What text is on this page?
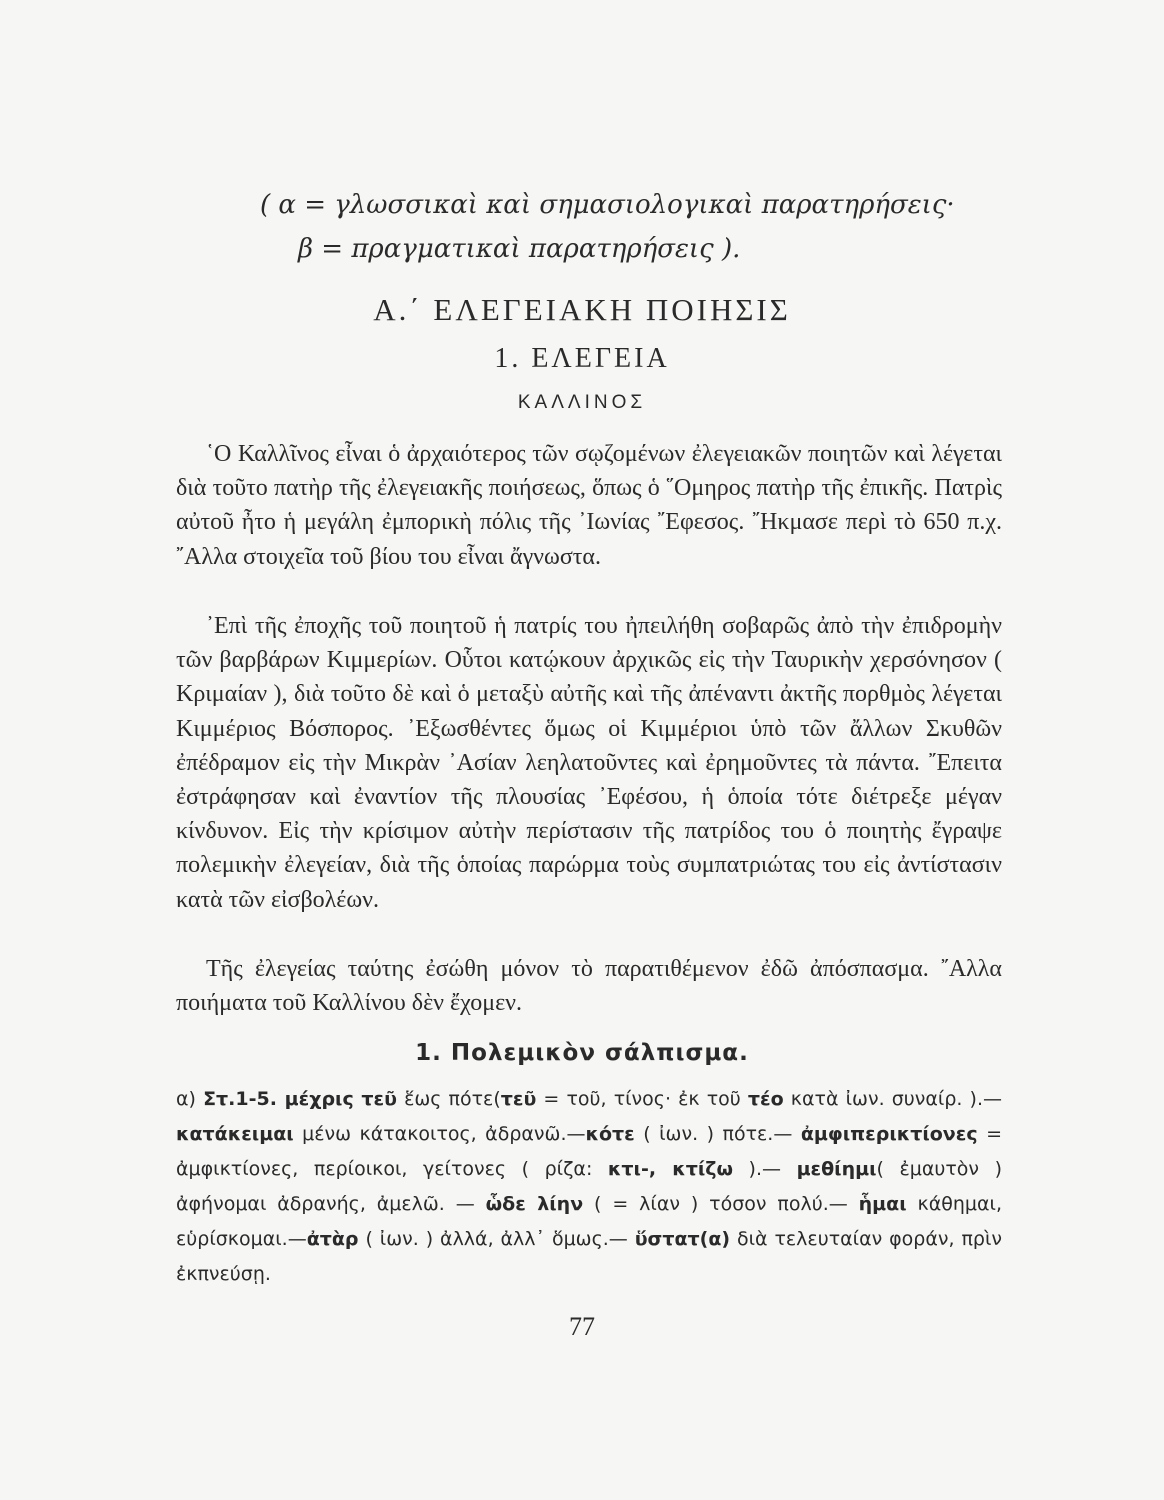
( α = γλωσσικαὶ καὶ σημασιολογικαὶ παρατηρήσεις·
β = πραγματικαὶ παρατηρήσεις ).
Α.΄ ΕΛΕΓΕΙΑΚΗ ΠΟΙΗΣΙΣ
1. ΕΛΕΓΕΙΑ
ΚΑΛΛΙΝΟΣ

῾Ο Καλλῖνος εἶναι ὁ ἀρχαιότερος τῶν σῳζομένων ἐλεγειακῶν ποιητῶν καὶ λέγεται διὰ τοῦτο πατὴρ τῆς ἐλεγειακῆς ποιήσεως, ὅπως ὁ ῞Ομηρος πατὴρ τῆς ἐπικῆς. Πατρὶς αὐτοῦ ἦτο ἡ μεγάλη ἐμπορικὴ πόλις τῆς ᾿Ιωνίας ῎Εφεσος. ῎Ηκμασε περὶ τὸ 650 π.χ. ῎Αλλα στοιχεῖα τοῦ βίου του εἶναι ἄγνωστα.

᾿Επὶ τῆς ἐποχῆς τοῦ ποιητοῦ ἡ πατρίς του ἠπειλήθη σοβαρῶς ἀπὸ τὴν ἐπιδρομὴν τῶν βαρβάρων Κιμμερίων. Οὗτοι κατῴκουν ἀρχικῶς εἰς τὴν Ταυρικὴν χερσόνησον ( Κριμαίαν ), διὰ τοῦτο δὲ καὶ ὁ μεταξὺ αὐτῆς καὶ τῆς ἀπέναντι ἀκτῆς πορθμὸς λέγεται Κιμμέριος Βόσπορος. ᾿Εξωσθέντες ὅμως οἱ Κιμμέριοι ὑπὸ τῶν ἄλλων Σκυθῶν ἐπέδραμον εἰς τὴν Μικρὰν ᾿Ασίαν λεηλατοῦντες καὶ ἐρημοῦντες τὰ πάντα. ῎Επειτα ἐστράφησαν καὶ ἐναντίον τῆς πλουσίας ᾿Εφέσου, ἡ ὁποία τότε διέτρεξε μέγαν κίνδυνον. Εἰς τὴν κρίσιμον αὐτὴν περίστασιν τῆς πατρίδος του ὁ ποιητὴς ἔγραψε πολεμικὴν ἐλεγείαν, διὰ τῆς ὁποίας παρώρμα τοὺς συμπατριώτας του εἰς ἀντίστασιν κατὰ τῶν εἰσβολέων.

Τῆς ἐλεγείας ταύτης ἐσώθη μόνον τὸ παρατιθέμενον ἐδῶ ἀπόσπασμα. ῎Αλλα ποιήματα τοῦ Καλλίνου δὲν ἔχομεν.

1. Πολεμικὸν σάλπισμα.
α) Στ.1-5. μέχρις τεῦ ἕως πότε(τεῦ = τοῦ, τίνος· ἐκ τοῦ τέο κατὰ ἰων. συναίρ. ).—κατάκειμαι μένω κάτακοιτος, ἀδρανῶ.—κότε ( ἰων. ) πότε.— ἀμφιπερικτίονες = ἀμφικτίονες, περίοικοι, γείτονες ( ρίζα: κτι-, κτίζω ).— μεθίημι( ἐμαυτὸν ) ἀφήνομαι ἀδρανής, ἀμελῶ. — ὧδε λίην ( = λίαν ) τόσον πολύ.— ἧμαι κάθημαι, εὑρίσκομαι.—ἀτὰρ ( ἰων. ) ἀλλά, ἀλλ᾿ ὅμως.— ὕστατ(α) διὰ τελευταίαν φοράν, πρὶν ἐκπνεύσῃ.
77
